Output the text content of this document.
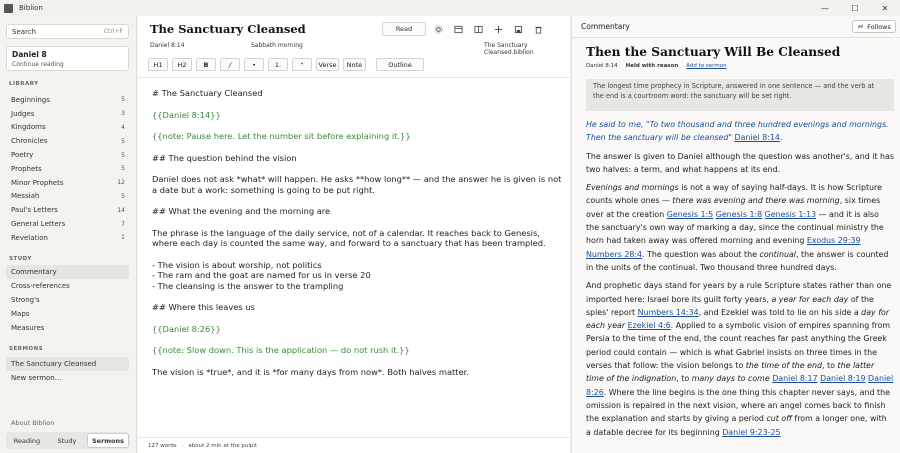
Biblion	—	☐	✕
Search	Ctrl+F
Daniel 8
Continue reading
LIBRARY
Beginnings	5
Judges	3
Kingdoms	4
Chronicles	5
Poetry	5
Prophets	5
Minor Prophets	12
Messiah	5
Paul's Letters	14
General Letters	7
Revelation	1
STUDY
Commentary
Cross-references
Strong's
Maps
Measures
SERMONS
The Sanctuary Cleansed
New sermon...
About Biblion
Reading	Study	Sermons
The Sanctuary Cleansed
Daniel 8:14	Sabbath morning	The Sanctuary Cleansed.biblion
Read
H1	H2	B	/	•	1.	"	Verse	Note	Outline

# The Sanctuary Cleansed

{{Daniel 8:14}}

{{note: Pause here. Let the number sit before explaining it.}}

## The question behind the vision

Daniel does not ask *what* will happen. He asks **how long** — and the answer he is given is not a date but a work: something is going to be put right.

## What the evening and the morning are

The phrase is the language of the daily service, not of a calendar. It reaches back to Genesis, where each day is counted the same way, and forward to a sanctuary that has been trampled.

- The vision is about worship, not politics
- The ram and the goat are named for us in verse 20
- The cleansing is the answer to the trampling

## Where this leaves us

{{Daniel 8:26}}

{{note: Slow down. This is the application — do not rush it.}}

The vision is *true*, and it is *for many days from now*. Both halves matter.

127 words · about 2 min at the pulpit
Commentary	Follows
Then the Sanctuary Will Be Cleansed
Daniel 8:14 Held with reason Add to sermon
The longest time prophecy in Scripture, answered in one sentence — and the verb at the end is a courtroom word: the sanctuary will be set right.

He said to me, "To two thousand and three hundred evenings and mornings. Then the sanctuary will be cleansed" Daniel 8:14.

The answer is given to Daniel although the question was another's, and it has two halves: a term, and what happens at its end.

Evenings and mornings is not a way of saying half-days. It is how Scripture counts whole ones — there was evening and there was morning, six times over at the creation Genesis 1:5 Genesis 1:8 Genesis 1:13 — and it is also the sanctuary's own way of marking a day, since the continual ministry the horn had taken away was offered morning and evening Exodus 29:39 Numbers 28:4. The question was about the continual, the answer is counted in the units of the continual. Two thousand three hundred days.

And prophetic days stand for years by a rule Scripture states rather than one imported here: Israel bore its guilt forty years, a year for each day of the spies' report Numbers 14:34, and Ezekiel was told to lie on his side a day for each year Ezekiel 4:6. Applied to a symbolic vision of empires spanning from Persia to the time of the end, the count reaches far past anything the Greek period could contain — which is what Gabriel insists on three times in the verses that follow: the vision belongs to the time of the end, to the latter time of the indignation, to many days to come Daniel 8:17 Daniel 8:19 Daniel 8:26. Where the line begins is the one thing this chapter never says, and the omission is repaired in the next vision, where an angel comes back to finish the explanation and starts by giving a period cut off from a longer one, with a datable decree for its beginning Daniel 9:23-25
